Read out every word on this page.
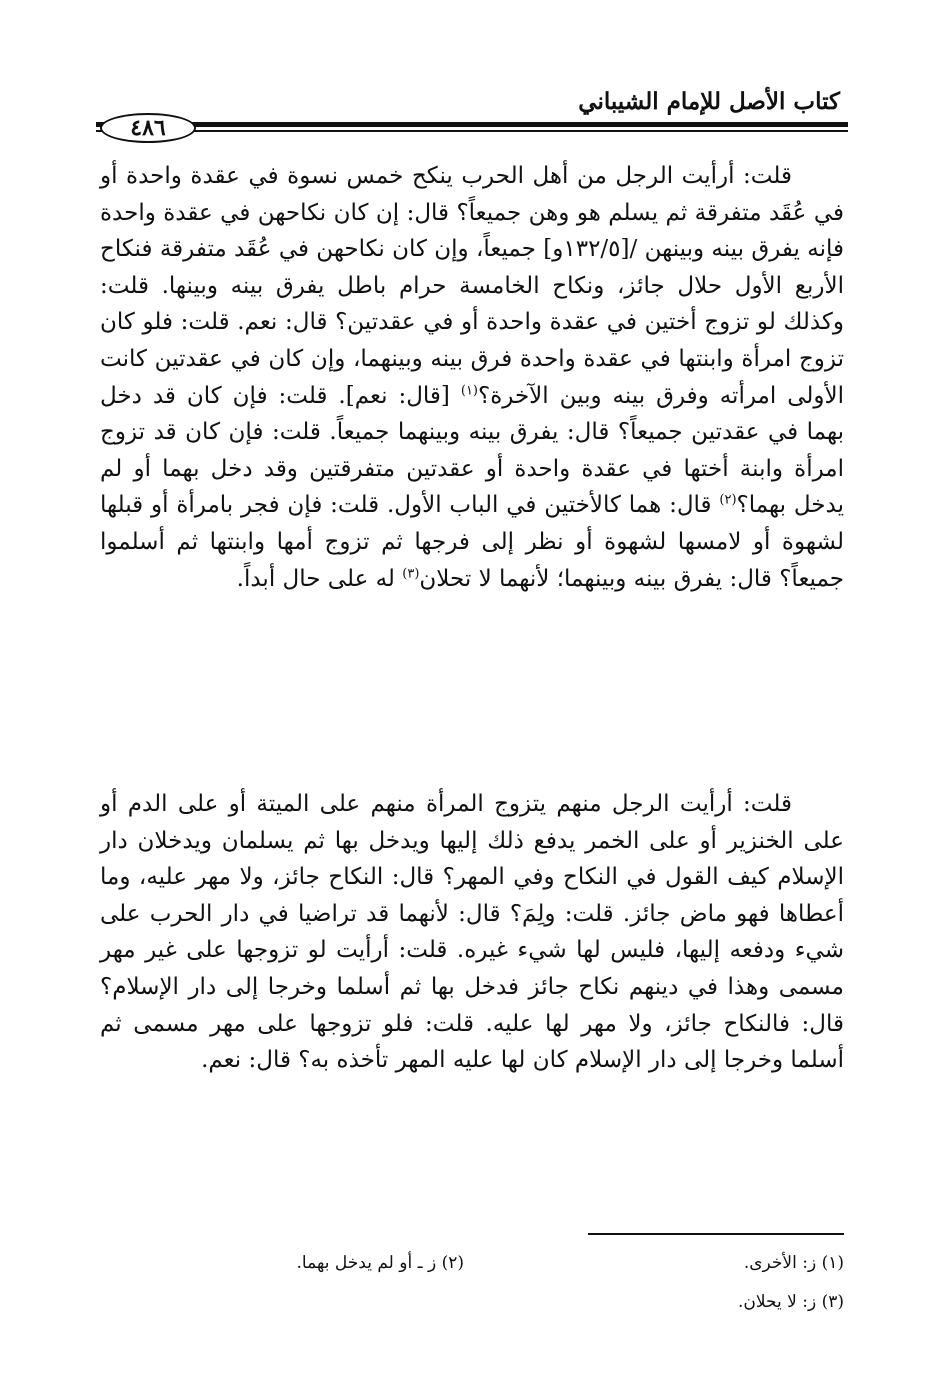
كتاب الأصل للإمام الشيباني
٤٨٦

قلت: أرأيت الرجل من أهل الحرب ينكح خمس نسوة في عقدة واحدة أو في عُقَد متفرقة ثم يسلم هو وهن جميعاً؟ قال: إن كان نكاحهن في عقدة واحدة فإنه يفرق بينه وبينهن /[١٣٢/٥و] جميعاً، وإن كان نكاحهن في عُقَد متفرقة فنكاح الأربع الأول حلال جائز، ونكاح الخامسة حرام باطل يفرق بينه وبينها. قلت: وكذلك لو تزوج أختين في عقدة واحدة أو في عقدتين؟ قال: نعم. قلت: فلو كان تزوج امرأة وابنتها في عقدة واحدة فرق بينه وبينهما، وإن كان في عقدتين كانت الأولى امرأته وفرق بينه وبين الآخرة؟$^{(١)}$ [قال: نعم]. قلت: فإن كان قد دخل بهما في عقدتين جميعاً؟ قال: يفرق بينه وبينهما جميعاً. قلت: فإن كان قد تزوج امرأة وابنة أختها في عقدة واحدة أو عقدتين متفرقتين وقد دخل بهما أو لم يدخل بهما؟$^{(٢)}$ قال: هما كالأختين في الباب الأول. قلت: فإن فجر بامرأة أو قبلها لشهوة أو لامسها لشهوة أو نظر إلى فرجها ثم تزوج أمها وابنتها ثم أسلموا جميعاً؟ قال: يفرق بينه وبينهما؛ لأنهما لا تحلان$^{(٣)}$ له على حال أبداً.

قلت: أرأيت الرجل منهم يتزوج المرأة منهم على الميتة أو على الدم أو على الخنزير أو على الخمر يدفع ذلك إليها ويدخل بها ثم يسلمان ويدخلان دار الإسلام كيف القول في النكاح وفي المهر؟ قال: النكاح جائز، ولا مهر عليه، وما أعطاها فهو ماض جائز. قلت: ولِمَ؟ قال: لأنهما قد تراضيا في دار الحرب على شيء ودفعه إليها، فليس لها شيء غيره. قلت: أرأيت لو تزوجها على غير مهر مسمى وهذا في دينهم نكاح جائز فدخل بها ثم أسلما وخرجا إلى دار الإسلام؟ قال: فالنكاح جائز، ولا مهر لها عليه. قلت: فلو تزوجها على مهر مسمى ثم أسلما وخرجا إلى دار الإسلام كان لها عليه المهر تأخذه به؟ قال: نعم.

(١) ز: الأخرى.
(٢) ز ـ أو لم يدخل بهما.
(٣) ز: لا يحلان.
